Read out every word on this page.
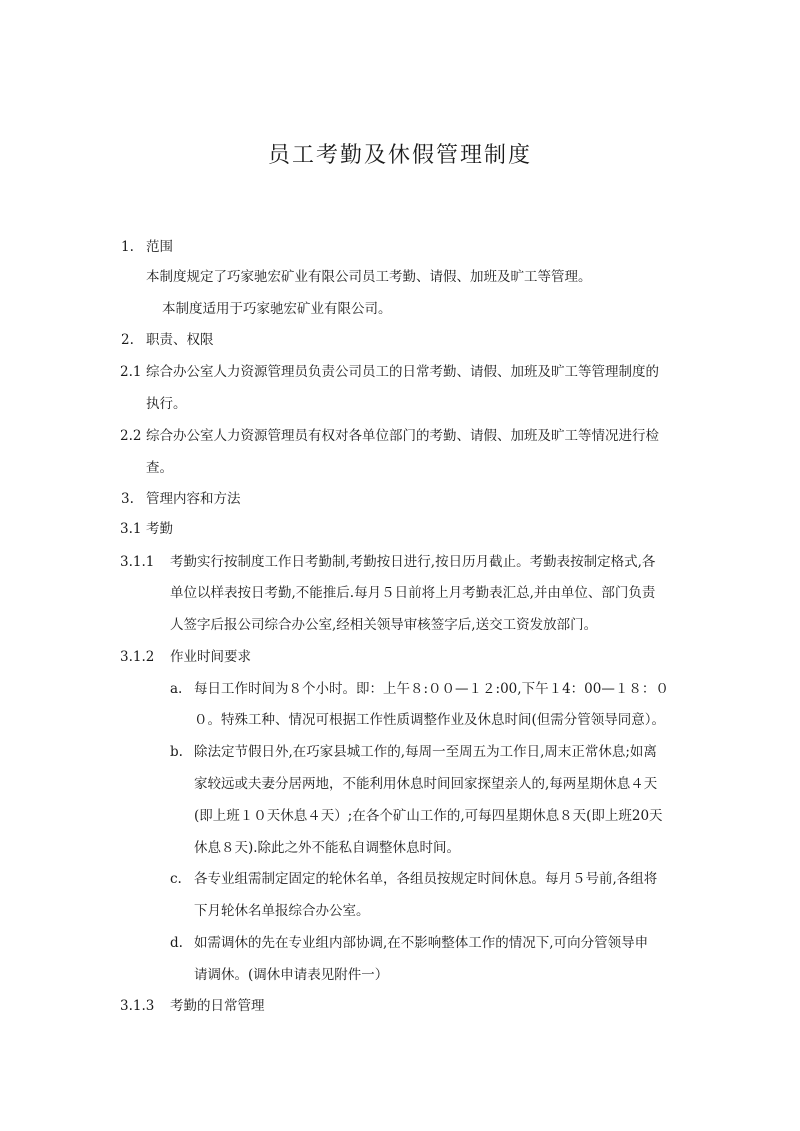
员工考勤及休假管理制度
1. 范围
本制度规定了巧家驰宏矿业有限公司员工考勤、请假、加班及旷工等管理。
本制度适用于巧家驰宏矿业有限公司。
2. 职责、权限
2.1 综合办公室人力资源管理员负责公司员工的日常考勤、请假、加班及旷工等管理制度的
执行。
2.2 综合办公室人力资源管理员有权对各单位部门的考勤、请假、加班及旷工等情况进行检
查。
3. 管理内容和方法
3.1 考勤
3.1.1 考勤实行按制度工作日考勤制,考勤按日进行,按日历月截止。考勤表按制定格式,各
单位以样表按日考勤,不能推后.每月５日前将上月考勤表汇总,并由单位、部门负责
人签字后报公司综合办公室,经相关领导审核签字后,送交工资发放部门。
3.1.2 作业时间要求
a. 每日工作时间为８个小时。即：上午８:００—１２:00,下午１4：00—１８：０
０。特殊工种、情况可根据工作性质调整作业及休息时间(但需分管领导同意）。
b. 除法定节假日外,在巧家县城工作的,每周一至周五为工作日,周末正常休息;如离
家较远或夫妻分居两地，不能利用休息时间回家探望亲人的,每两星期休息４天
(即上班１０天休息４天）;在各个矿山工作的,可每四星期休息８天(即上班20天
休息８天).除此之外不能私自调整休息时间。
c. 各专业组需制定固定的轮休名单，各组员按规定时间休息。每月５号前,各组将
下月轮休名单报综合办公室。
d. 如需调休的先在专业组内部协调,在不影响整体工作的情况下,可向分管领导申
请调休。(调休申请表见附件一）
3.1.3 考勤的日常管理
